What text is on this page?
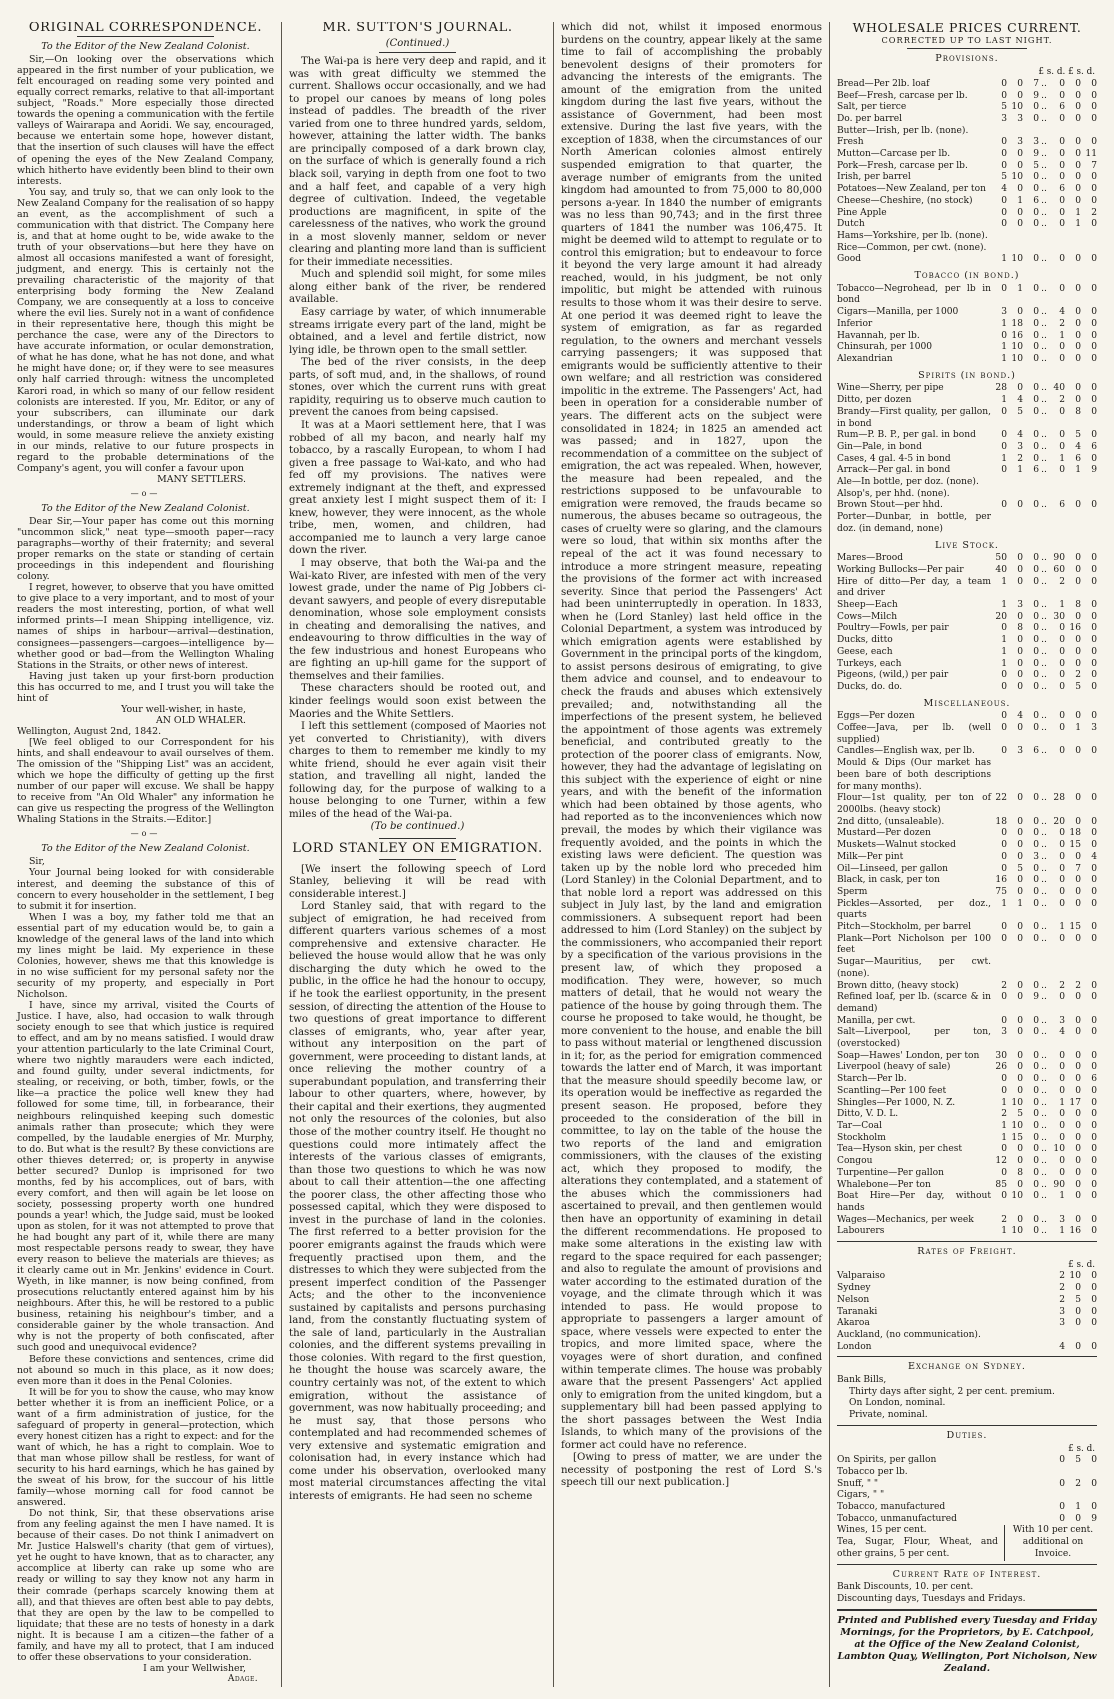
ORIGINAL CORRESPONDENCE.
To the Editor of the New Zealand Colonist.

Sir,—On looking over the observations which appeared in the first number of your publication, we felt encouraged on reading some very pointed and equally correct remarks, relative to that all-important subject, "Roads." More especially those directed towards the opening a communication with the fertile valleys of Wairarapa and Aoridi. We say, encouraged, because we entertain some hope, however distant, that the insertion of such clauses will have the effect of opening the eyes of the New Zealand Company, which hitherto have evidently been blind to their own interests.

You say, and truly so, that we can only look to the New Zealand Company for the realisation of so happy an event, as the accomplishment of such a communication with that district. The Company here is, and that at home ought to be, wide awake to the truth of your observations—but here they have on almost all occasions manifested a want of foresight, judgment, and energy. This is certainly not the prevailing characteristic of the majority of that enterprising body forming the New Zealand Company, we are consequently at a loss to conceive where the evil lies. Surely not in a want of confidence in their representative here, though this might be perchance the case, were any of the Directors to have accurate information, or ocular demonstration, of what he has done, what he has not done, and what he might have done; or, if they were to see measures only half carried through: witness the uncompleted Karori road, in which so many of our fellow resident colonists are interested. If you, Mr. Editor, or any of your subscribers, can illuminate our dark understandings, or throw a beam of light which would, in some measure relieve the anxiety existing in our minds, relative to our future prospects in regard to the probable determinations of the Company's agent, you will confer a favour upon

MANY SETTLERS.

—o—
To the Editor of the New Zealand Colonist.

Dear Sir,—Your paper has come out this morning "uncommon slick," neat type—smooth paper—racy paragraphs—worthy of their fraternity; and several proper remarks on the state or standing of certain proceedings in this independent and flourishing colony.

I regret, however, to observe that you have omitted to give place to a very important, and to most of your readers the most interesting, portion, of what well informed prints—I mean Shipping intelligence, viz. names of ships in harbour—arrival—destination, consignees—passengers—cargoes—intelligence by—whether good or bad—from the Wellington Whaling Stations in the Straits, or other news of interest.

Having just taken up your first-born production this has occurred to me, and I trust you will take the hint of

Your well-wisher, in haste,

AN OLD WHALER.

Wellington, August 2nd, 1842.

[We feel obliged to our Correspondent for his hints, and shall endeavour to avail ourselves of them. The omission of the "Shipping List" was an accident, which we hope the difficulty of getting up the first number of our paper will excuse. We shall be happy to receive from "An Old Whaler" any information he can give us respecting the progress of the Wellington Whaling Stations in the Straits.—Editor.]

—o—
To the Editor of the New Zealand Colonist.

Sir,

Your Journal being looked for with considerable interest, and deeming the substance of this of concern to every householder in the settlement, I beg to submit it for insertion.

When I was a boy, my father told me that an essential part of my education would be, to gain a knowledge of the general laws of the land into which my lines might be laid. My experience in these Colonies, however, shews me that this knowledge is in no wise sufficient for my personal safety nor the security of my property, and especially in Port Nicholson.

I have, since my arrival, visited the Courts of Justice. I have, also, had occasion to walk through society enough to see that which justice is required to effect, and am by no means satisfied. I would draw your attention particularly to the late Criminal Court, where two nightly marauders were each indicted, and found guilty, under several indictments, for stealing, or receiving, or both, timber, fowls, or the like—a practice the police well knew they had followed for some time, till, in forbearance, their neighbours relinquished keeping such domestic animals rather than prosecute; which they were compelled, by the laudable energies of Mr. Murphy, to do. But what is the result? By these convictions are other thieves deterred; or, is property in anywise better secured? Dunlop is imprisoned for two months, fed by his accomplices, out of bars, with every comfort, and then will again be let loose on society, possessing property worth one hundred pounds a year! which, the Judge said, must be looked upon as stolen, for it was not attempted to prove that he had bought any part of it, while there are many most respectable persons ready to swear, they have every reason to believe the materials are thieves; as it clearly came out in Mr. Jenkins' evidence in Court. Wyeth, in like manner, is now being confined, from prosecutions reluctantly entered against him by his neighbours. After this, he will be restored to a public business, retaining his neighbour's timber, and a considerable gainer by the whole transaction. And why is not the property of both confiscated, after such good and unequivocal evidence?

Before these convictions and sentences, crime did not abound so much in this place, as it now does; even more than it does in the Penal Colonies.

It will be for you to show the cause, who may know better whether it is from an inefficient Police, or a want of a firm administration of justice, for the safeguard of property in general—protection, which every honest citizen has a right to expect: and for the want of which, he has a right to complain. Woe to that man whose pillow shall be restless, for want of security to his hard earnings, which he has gained by the sweat of his brow, for the succour of his little family—whose morning call for food cannot be answered.

Do not think, Sir, that these observations arise from any feeling against the men I have named. It is because of their cases. Do not think I animadvert on Mr. Justice Halswell's charity (that gem of virtues), yet he ought to have known, that as to character, any accomplice at liberty can rake up some who are ready or willing to say they know not any harm in their comrade (perhaps scarcely knowing them at all), and that thieves are often best able to pay debts, that they are open by the law to be compelled to liquidate; that these are no tests of honesty in a dark night. It is because I am a citizen—the father of a family, and have my all to protect, that I am induced to offer these observations to your consideration.

I am your Wellwisher,

Adage.

MR. SUTTON'S JOURNAL.
(Continued.)

The Wai-pa is here very deep and rapid, and it was with great difficulty we stemmed the current. Shallows occur occasionally, and we had to propel our canoes by means of long poles instead of paddles. The breadth of the river varied from one to three hundred yards, seldom, however, attaining the latter width. The banks are principally composed of a dark brown clay, on the surface of which is generally found a rich black soil, varying in depth from one foot to two and a half feet, and capable of a very high degree of cultivation. Indeed, the vegetable productions are magnificent, in spite of the carelessness of the natives, who work the ground in a most slovenly manner, seldom or never clearing and planting more land than is sufficient for their immediate necessities.

Much and splendid soil might, for some miles along either bank of the river, be rendered available.

Easy carriage by water, of which innumerable streams irrigate every part of the land, might be obtained, and a level and fertile district, now lying idle, be thrown open to the small settler.

The bed of the river consists, in the deep parts, of soft mud, and, in the shallows, of round stones, over which the current runs with great rapidity, requiring us to observe much caution to prevent the canoes from being capsised.

It was at a Maori settlement here, that I was robbed of all my bacon, and nearly half my tobacco, by a rascally European, to whom I had given a free passage to Wai-kato, and who had fed off my provisions. The natives were extremely indignant at the theft, and expressed great anxiety lest I might suspect them of it: I knew, however, they were innocent, as the whole tribe, men, women, and children, had accompanied me to launch a very large canoe down the river.

I may observe, that both the Wai-pa and the Wai-kato River, are infested with men of the very lowest grade, under the name of Pig Jobbers ci-devant sawyers, and people of every disreputable denomination, whose sole employment consists in cheating and demoralising the natives, and endeavouring to throw difficulties in the way of the few industrious and honest Europeans who are fighting an up-hill game for the support of themselves and their families.

These characters should be rooted out, and kinder feelings would soon exist between the Maories and the White Settlers.

I left this settlement (composed of Maories not yet converted to Christianity), with divers charges to them to remember me kindly to my white friend, should he ever again visit their station, and travelling all night, landed the following day, for the purpose of walking to a house belonging to one Turner, within a few miles of the head of the Wai-pa.

(To be continued.)

LORD STANLEY ON EMIGRATION.

[We insert the following speech of Lord Stanley, believing it will be read with considerable interest.]

Lord Stanley said, that with regard to the subject of emigration, he had received from different quarters various schemes of a most comprehensive and extensive character. He believed the house would allow that he was only discharging the duty which he owed to the public, in the office he had the honour to occupy, if he took the earliest opportunity, in the present session, of directing the attention of the House to two questions of great importance to different classes of emigrants, who, year after year, without any interposition on the part of government, were proceeding to distant lands, at once relieving the mother country of a superabundant population, and transferring their labour to other quarters, where, however, by their capital and their exertions, they augmented not only the resources of the colonies, but also those of the mother country itself. He thought no questions could more intimately affect the interests of the various classes of emigrants, than those two questions to which he was now about to call their attention—the one affecting the poorer class, the other affecting those who possessed capital, which they were disposed to invest in the purchase of land in the colonies. The first referred to a better provision for the poorer emigrants against the frauds which were frequently practised upon them, and the distresses to which they were subjected from the present imperfect condition of the Passenger Acts; and the other to the inconvenience sustained by capitalists and persons purchasing land, from the constantly fluctuating system of the sale of land, particularly in the Australian colonies, and the different systems prevailing in those colonies. With regard to the first question, he thought the house was scarcely aware, the country certainly was not, of the extent to which emigration, without the assistance of government, was now habitually proceeding; and he must say, that those persons who contemplated and had recommended schemes of very extensive and systematic emigration and colonisation had, in every instance which had come under his observation, overlooked many most material circumstances affecting the vital interests of emigrants. He had seen no scheme

which did not, whilst it imposed enormous burdens on the country, appear likely at the same time to fail of accomplishing the probably benevolent designs of their promoters for advancing the interests of the emigrants. The amount of the emigration from the united kingdom during the last five years, without the assistance of Government, had been most extensive. During the last five years, with the exception of 1838, when the circumstances of our North American colonies almost entirely suspended emigration to that quarter, the average number of emigrants from the united kingdom had amounted to from 75,000 to 80,000 persons a-year. In 1840 the number of emigrants was no less than 90,743; and in the first three quarters of 1841 the number was 106,475. It might be deemed wild to attempt to regulate or to control this emigration; but to endeavour to force it beyond the very large amount it had already reached, would, in his judgment, be not only impolitic, but might be attended with ruinous results to those whom it was their desire to serve. At one period it was deemed right to leave the system of emigration, as far as regarded regulation, to the owners and merchant vessels carrying passengers; it was supposed that emigrants would be sufficiently attentive to their own welfare; and all restriction was considered impolitic in the extreme. The Passengers' Act, had been in operation for a considerable number of years. The different acts on the subject were consolidated in 1824; in 1825 an amended act was passed; and in 1827, upon the recommendation of a committee on the subject of emigration, the act was repealed. When, however, the measure had been repealed, and the restrictions supposed to be unfavourable to emigration were removed, the frauds became so numerous, the abuses became so outrageous, the cases of cruelty were so glaring, and the clamours were so loud, that within six months after the repeal of the act it was found necessary to introduce a more stringent measure, repeating the provisions of the former act with increased severity. Since that period the Passengers' Act had been uninterruptedly in operation. In 1833, when he (Lord Stanley) last held office in the Colonial Department, a system was introduced by which emigration agents were established by Government in the principal ports of the kingdom, to assist persons desirous of emigrating, to give them advice and counsel, and to endeavour to check the frauds and abuses which extensively prevailed; and, notwithstanding all the imperfections of the present system, he believed the appointment of those agents was extremely beneficial, and contributed greatly to the protection of the poorer class of emigrants. Now, however, they had the advantage of legislating on this subject with the experience of eight or nine years, and with the benefit of the information which had been obtained by those agents, who had reported as to the inconveniences which now prevail, the modes by which their vigilance was frequently avoided, and the points in which the existing laws were deficient. The question was taken up by the noble lord who preceded him (Lord Stanley) in the Colonial Department, and to that noble lord a report was addressed on this subject in July last, by the land and emigration commissioners. A subsequent report had been addressed to him (Lord Stanley) on the subject by the commissioners, who accompanied their report by a specification of the various provisions in the present law, of which they proposed a modification. They were, however, so much matters of detail, that he would not weary the patience of the house by going through them. The course he proposed to take would, he thought, be more convenient to the house, and enable the bill to pass without material or lengthened discussion in it; for, as the period for emigration commenced towards the latter end of March, it was important that the measure should speedily become law, or its operation would be ineffective as regarded the present season. He proposed, before they proceeded to the consideration of the bill in committee, to lay on the table of the house the two reports of the land and emigration commissioners, with the clauses of the existing act, which they proposed to modify, the alterations they contemplated, and a statement of the abuses which the commissioners had ascertained to prevail, and then gentlemen would then have an opportunity of examining in detail the different recommendations. He proposed to make some alterations in the existing law with regard to the space required for each passenger; and also to regulate the amount of provisions and water according to the estimated duration of the voyage, and the climate through which it was intended to pass. He would propose to appropriate to passengers a larger amount of space, where vessels were expected to enter the tropics, and more limited space, where the voyages were of short duration, and confined within temperate climes. The house was probably aware that the present Passengers' Act applied only to emigration from the united kingdom, but a supplementary bill had been passed applying to the short passages between the West India Islands, to which many of the provisions of the former act could have no reference.

[Owing to press of matter, we are under the necessity of postponing the rest of Lord S.'s speech till our next publication.]

WHOLESALE PRICES CURRENT.
CORRECTED UP TO LAST NIGHT.
Provisions.
£ s. d. £ s. d.
Bread—Per 2lb. loaf	0	0	7	..	0	0	0
Beef—Fresh, carcase per lb.	0	0	9	..	0	0	0
Salt, per tierce	5	10	0	..	6	0	0
Do. per barrel	3	3	0	..	0	0	0
Butter—Irish, per lb. (none).							
Fresh	0	3	3	..	0	0	0
Mutton—Carcase per lb.	0	0	9	..	0	0	11
Pork—Fresh, carcase per lb.	0	0	5	..	0	0	7
Irish, per barrel	5	10	0	..	0	0	0
Potatoes—New Zealand, per ton	4	0	0	..	6	0	0
Cheese—Cheshire, (no stock)	0	1	6	..	0	0	0
Pine Apple	0	0	0	..	0	1	2
Dutch	0	0	0	..	0	1	0
Hams—Yorkshire, per lb. (none).							
Rice—Common, per cwt. (none).							
Good	1	10	0	..	0	0	0
Tobacco (in bond.)
Tobacco—Negrohead, per lb in bond	0	1	0	..	0	0	0
Cigars—Manilla, per 1000	3	0	0	..	4	0	0
Inferior	1	18	0	..	2	0	0
Havannah, per lb.	0	16	0	..	1	0	0
Chinsurah, per 1000	1	10	0	..	0	0	0
Alexandrian	1	10	0	..	0	0	0
Spirits (in bond.)
Wine—Sherry, per pipe	28	0	0	..	40	0	0
Ditto, per dozen	1	4	0	..	2	0	0
Brandy—First quality, per gallon, in bond	0	5	0	..	0	8	0
Rum—P. B. P., per gal. in bond	0	4	0	..	0	5	0
Gin—Pale, in bond	0	3	0	..	0	4	6
Cases, 4 gal. 4-5 in bond	1	2	0	..	1	6	0
Arrack—Per gal. in bond	0	1	6	..	0	1	9
Ale—In bottle, per doz. (none).							
Alsop's, per hhd. (none).							
Brown Stout—per hhd.	0	0	0	..	6	0	0
Porter—Dunbar, in bottle, per doz. (in demand, none)							
Live Stock.
Mares—Brood	50	0	0	..	90	0	0
Working Bullocks—Per pair	40	0	0	..	60	0	0
Hire of ditto—Per day, a team and driver	1	0	0	..	2	0	0
Sheep—Each	1	3	0	..	1	8	0
Cows—Milch	20	0	0	..	30	0	0
Poultry—Fowls, per pair	0	8	0	..	0	16	0
Ducks, ditto	1	0	0	..	0	0	0
Geese, each	1	0	0	..	0	0	0
Turkeys, each	1	0	0	..	0	0	0
Pigeons, (wild,) per pair	0	0	0	..	0	2	0
Ducks, do. do.	0	0	0	..	0	5	0
Miscellaneous.
Eggs—Per dozen	0	4	0	..	0	0	0
Coffee—Java, per lb. (well supplied)	0	0	0	..	0	1	3
Candles—English wax, per lb.	0	3	6	..	0	0	0
Mould & Dips (Our market has been bare of both descriptions for many months).							
Flour—1st quality, per ton of 2000lbs. (heavy stock)	22	0	0	..	28	0	0
2nd ditto, (unsaleable).	18	0	0	..	20	0	0
Mustard—Per dozen	0	0	0	..	0	18	0
Muskets—Walnut stocked	0	0	0	..	0	15	0
Milk—Per pint	0	0	3	..	0	0	4
Oil—Linseed, per gallon	0	5	0	..	0	7	0
Black, in cask, per ton	16	0	0	..	0	0	0
Sperm	75	0	0	..	0	0	0
Pickles—Assorted, per doz., quarts	1	1	0	..	0	0	0
Pitch—Stockholm, per barrel	0	0	0	..	1	15	0
Plank—Port Nicholson per 100 feet	0	0	0	..	0	0	0
Sugar—Mauritius, per cwt. (none).							
Brown ditto, (heavy stock)	2	0	0	..	2	2	0
Refined loaf, per lb. (scarce & in demand)	0	0	9	..	0	0	0
Manilla, per cwt.	0	0	0	..	3	0	0
Salt—Liverpool, per ton, (overstocked)	3	0	0	..	4	0	0
Soap—Hawes' London, per ton	30	0	0	..	0	0	0
Liverpool (heavy of sale)	26	0	0	..	0	0	0
Starch—Per lb.	0	0	0	..	0	0	6
Scantling—Per 100 feet	0	0	0	..	0	0	0
Shingles—Per 1000, N. Z.	1	10	0	..	1	17	0
Ditto, V. D. L.	2	5	0	..	0	0	0
Tar—Coal	1	10	0	..	0	0	0
Stockholm	1	15	0	..	0	0	0
Tea—Hyson skin, per chest	0	0	0	..	10	0	0
Congou	12	0	0	..	0	0	0
Turpentine—Per gallon	0	8	0	..	0	0	0
Whalebone—Per ton	85	0	0	..	90	0	0
Boat Hire—Per day, without hands	0	10	0	..	1	0	0
Wages—Mechanics, per week	2	0	0	..	3	0	0
Labourers	1	10	0	..	1	16	0
Rates of Freight.
£ s. d.
Valparaiso	2	10	0
Sydney	2	0	0
Nelson	2	5	0
Taranaki	3	0	0
Akaroa	3	0	0
Auckland, (no communication).			
London	4	0	0
Exchange on Sydney.
Bank Bills,
Thirty days after sight, 2 per cent. premium.
On London, nominal.
Private, nominal.
Duties.
£ s. d.
On Spirits, per gallon	0	5	0
Tobacco per lb.			
Snuff, " "	0	2	0
Cigars, " "			
Tobacco, manufactured	0	1	0
Tobacco, unmanufactured	0	0	9
Wines, 15 per cent.
Tea, Sugar, Flour, Wheat, and other grains, 5 per cent.
With 10 per cent. additional on Invoice.
Current Rate of Interest.
Bank Discounts, 10. per cent.
Discounting days, Tuesdays and Fridays.
Printed and Published every Tuesday and Friday Mornings, for the Proprietors, by E. Catchpool, at the Office of the New Zealand Colonist, Lambton Quay, Wellington, Port Nicholson, New Zealand.
